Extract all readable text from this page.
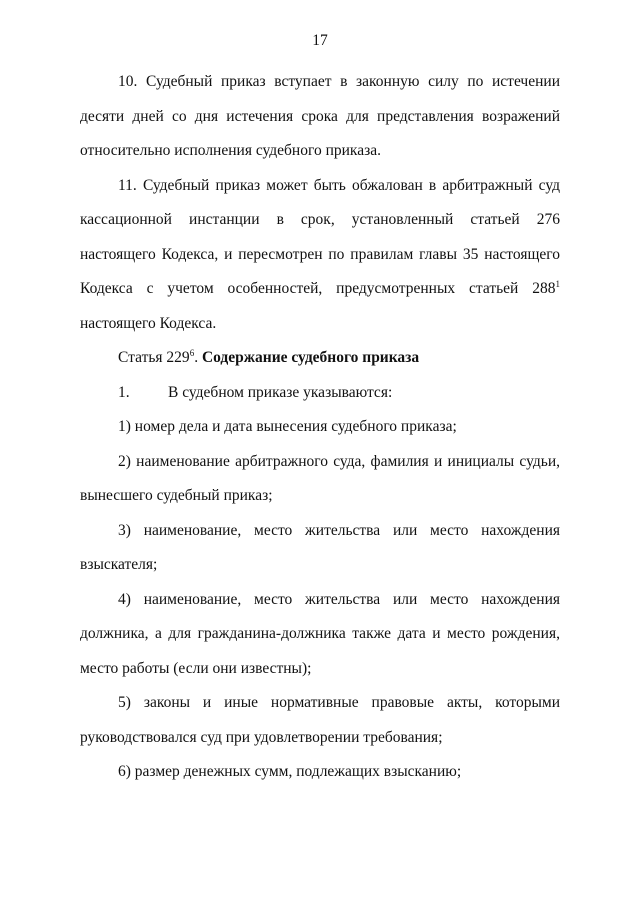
17

10. Судебный приказ вступает в законную силу по истечении десяти дней со дня истечения срока для представления возражений относительно исполнения судебного приказа.

11. Судебный приказ может быть обжалован в арбитражный суд кассационной инстанции в срок, установленный статьей 276 настоящего Кодекса, и пересмотрен по правилам главы 35 настоящего Кодекса с учетом особенностей, предусмотренных статьей $288^1$ настоящего Кодекса.

Статья $229^6$. Содержание судебного приказа

1. В судебном приказе указываются:

1) номер дела и дата вынесения судебного приказа;

2) наименование арбитражного суда, фамилия и инициалы судьи, вынесшего судебный приказ;

3) наименование, место жительства или место нахождения взыскателя;

4) наименование, место жительства или место нахождения должника, а для гражданина-должника также дата и место рождения, место работы (если они известны);

5) законы и иные нормативные правовые акты, которыми руководствовался суд при удовлетворении требования;

6) размер денежных сумм, подлежащих взысканию;
